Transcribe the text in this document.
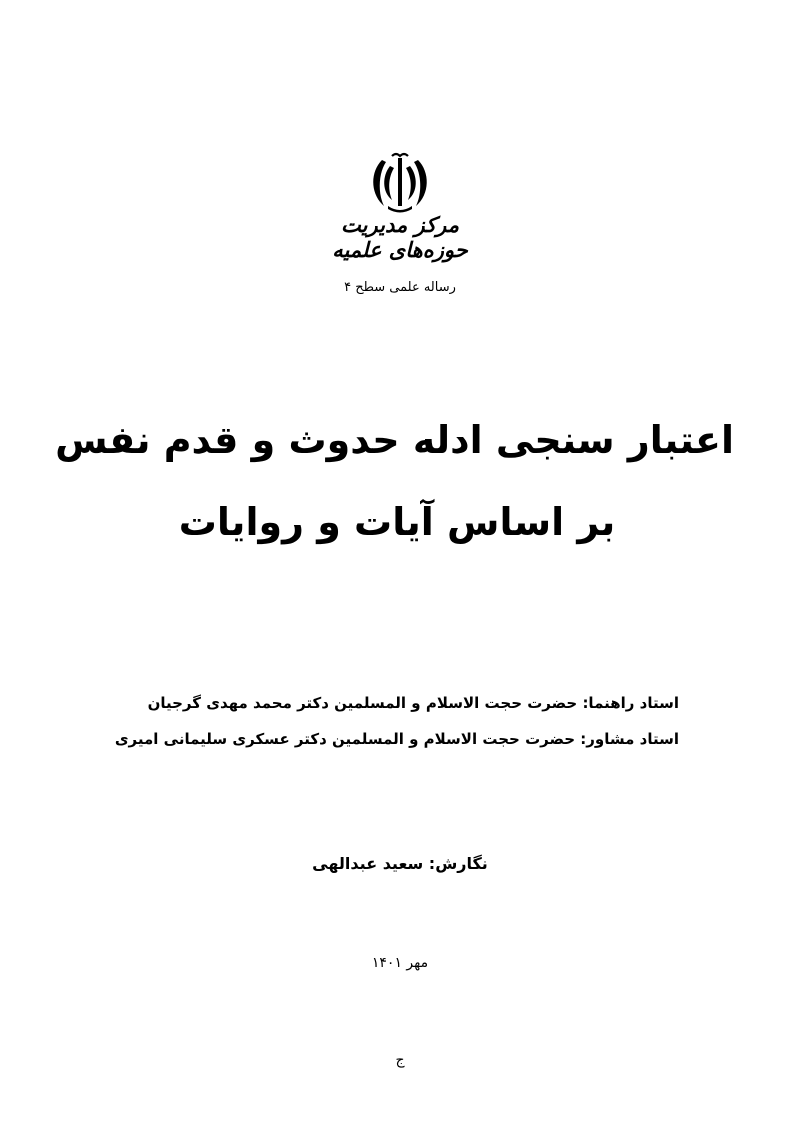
مرکز مدیریت حوزه‌های علمیه
رساله علمی سطح ۴
اعتبار سنجی ادله حدوث و قدم نفس
بر اساس آیات و روایات
استاد راهنما: حضرت حجت الاسلام و المسلمین دکتر محمد مهدی گرجیان
استاد مشاور: حضرت حجت الاسلام و المسلمین دکتر عسکری سلیمانی امیری
نگارش: سعید عبدالهی
مهر ۱۴۰۱
ج
